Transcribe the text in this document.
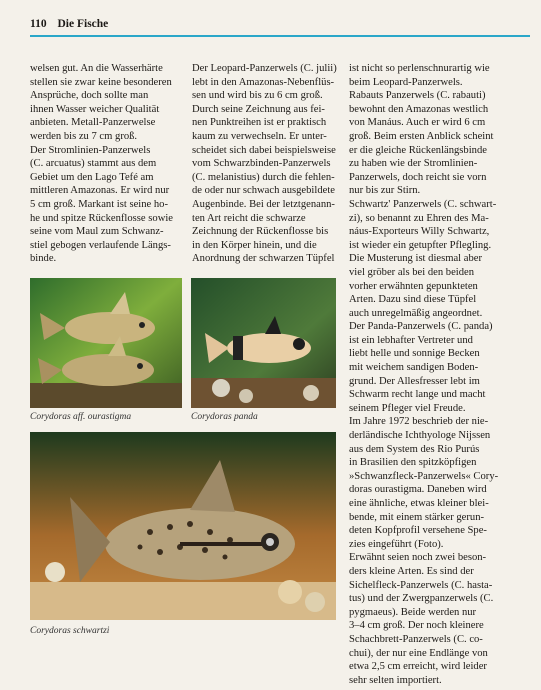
110 Die Fische
welsen gut. An die Wasserhärte
stellen sie zwar keine besonderen
Ansprüche, doch sollte man
ihnen Wasser weicher Qualität
anbieten. Metall-Panzerwelse
werden bis zu 7 cm groß.
Der Stromlinien-Panzerwels
(C. arcuatus) stammt aus dem
Gebiet um den Lago Tefé am
mittleren Amazonas. Er wird nur
5 cm groß. Markant ist seine ho-
he und spitze Rückenflosse sowie
seine vom Maul zum Schwanz-
stiel gebogen verlaufende Längs-
binde.
Der Leopard-Panzerwels (C. julii)
lebt in den Amazonas-Nebenflüs-
sen und wird bis zu 6 cm groß.
Durch seine Zeichnung aus fei-
nen Punktreihen ist er praktisch
kaum zu verwechseln. Er unter-
scheidet sich dabei beispielsweise
vom Schwarzbinden-Panzerwels
(C. melanistius) durch die fehlen-
de oder nur schwach ausgebildete
Augenbinde. Bei der letztgenann-
ten Art reicht die schwarze
Zeichnung der Rückenflosse bis
in den Körper hinein, und die
Anordnung der schwarzen Tüpfel
ist nicht so perlenschnurartig wie
beim Leopard-Panzerwels.
Rabauts Panzerwels (C. rabauti)
bewohnt den Amazonas westlich
von Manáus. Auch er wird 6 cm
groß. Beim ersten Anblick scheint
er die gleiche Rückenlängsbinde
zu haben wie der Stromlinien-
Panzerwels, doch reicht sie vorn
nur bis zur Stirn.
Schwartz' Panzerwels (C. schwart-
zi), so benannt zu Ehren des Ma-
náus-Exporteurs Willy Schwartz,
ist wieder ein getupfter Pflegling.
Die Musterung ist diesmal aber
viel gröber als bei den beiden
vorher erwähnten gepunkteten
Arten. Dazu sind diese Tüpfel
auch unregelmäßig angeordnet.
Der Panda-Panzerwels (C. panda)
ist ein lebhafter Vertreter und
liebt helle und sonnige Becken
mit weichem sandigen Boden-
grund. Der Allesfresser lebt im
Schwarm recht lange und macht
seinem Pfleger viel Freude.
Im Jahre 1972 beschrieb der nie-
derländische Ichthyologe Nijssen
aus dem System des Rio Purús
in Brasilien den spitzköpfigen
»Schwanzfleck-Panzerwels« Cory-
doras ourastigma. Daneben wird
eine ähnliche, etwas kleiner blei-
bende, mit einem stärker gerun-
deten Kopfprofil versehene Spe-
zies eingeführt (Foto).
Erwähnt seien noch zwei beson-
ders kleine Arten. Es sind der
Sichelfleck-Panzerwels (C. hasta-
tus) und der Zwergpanzerwels (C.
pygmaeus). Beide werden nur
3–4 cm groß. Der noch kleinere
Schachbrett-Panzerwels (C. co-
chui), der nur eine Endlänge von
etwa 2,5 cm erreicht, wird leider
sehr selten importiert.
Corydoras aff. ourastigma	Corydoras panda
Corydoras schwartzi
